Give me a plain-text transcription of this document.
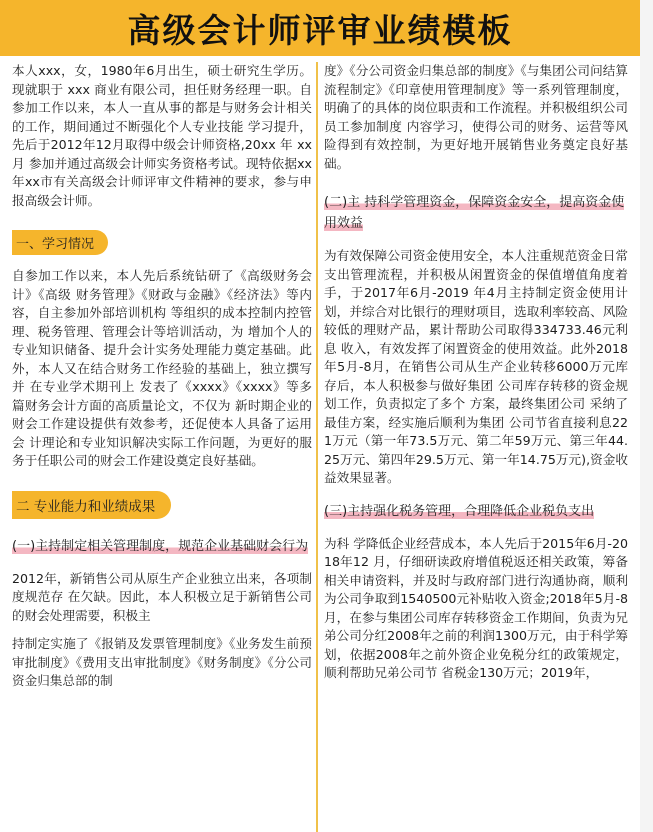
高级会计师评审业绩模板

本人xxx，女，1980年6月出生，硕士研究生学历。现就职于 xxx 商业有限公司，担任财务经理一职。自参加工作以来，本人一直从事的都是与财务会计相关的工作，期间通过不断强化个人专业技能 学习提升，先后于2012年12月取得中级会计师资格,20xx 年 xx 月 参加并通过高级会计师实务资格考试。现特依据xx年xx市有关高级会计师评审文件精神的要求，参与申报高级会计师。

一、学习情况

自参加工作以来，本人先后系统钻研了《高级财务会计》《高级 财务管理》《财政与金融》《经济法》等内容，自主参加外部培训机构 等组织的成本控制内控管理、税务管理、管理会计等培训活动，为 增加个人的专业知识储备、提升会计实务处理能力奠定基础。此外，本人又在结合财务工作经验的基础上，独立撰写并 在专业学术期刊上 发表了《xxxx》《xxxx》等多篇财务会计方面的高质量论文，不仅为 新时期企业的财会工作建设提供有效参考，还促使本人具备了运用会 计理论和专业知识解决实际工作问题，为更好的服务于任职公司的财会工作建设奠定良好基础。

二 专业能力和业绩成果
(一)主持制定相关管理制度，规范企业基础财会行为

2012年，新销售公司从原生产企业独立出来，各项制度规范存 在欠缺。因此，本人积极立足于新销售公司的财会处理需要，积极主

持制定实施了《报销及发票管理制度》《业务发生前预审批制度》《费用支出审批制度》《财务制度》《分公司资金归集总部的制

度》《分公司资金归集总部的制度》《与集团公司问结算流程制定》《印章使用管理制度》等一系列管理制度， 明确了的具体的岗位职责和工作流程。并积极组织公司员工参加制度 内容学习，使得公司的财务、运营等风险得到有效控制，为更好地开展销售业务奠定良好基础。

(二)主 持科学管理资金，保障资金安全，提高资金使用效益

为有效保障公司资金使用安全，本人注重规范资金日常支出管理流程，并积极从闲置资金的保值增值角度着手，于2017年6月-2019 年4月主持制定资金使用计划，并综合对比银行的理财项目，选取利率较高、风险较低的理财产品，累计帮助公司取得334733.46元利息 收入，有效发挥了闲置资金的使用效益。此外2018年5月-8月，在销售公司从生产企业转移6000万元库存后，本人积极参与做好集团 公司库存转移的资金规划工作，负责拟定了多个 方案，最终集团公司 采纳了最佳方案，经实施后顺利为集团 公司节省直接利息221万元（第一年73.5万元、第二年59万元、第三年44.25万元、第四年29.5万元、第一年14.75万元),资金收益效果显著。

(三)主持强化税务管理，合理降低企业税负支出

为科 学降低企业经营成本，本人先后于2015年6月-2018年12 月，仔细研读政府增值税返还相关政策，筹备相关申请资料，并及时与政府部门进行沟通协商，顺利为公司争取到1540500元补贴收入资金;2018年5月-8月，在参与集团公司库存转移资金工作期间，负责为兄弟公司分红2008年之前的利润1300万元，由于科学筹划，依据2008年之前外资企业免税分红的政策规定，顺利帮助兄弟公司节 省税金130万元；2019年，
